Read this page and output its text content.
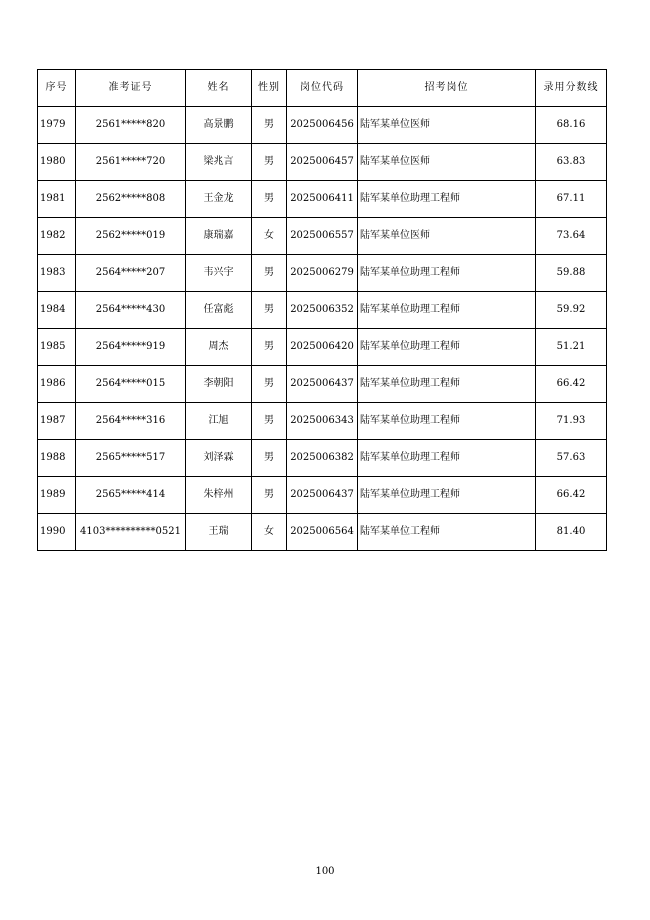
序号	准考证号	姓名	性别	岗位代码	招考岗位	录用分数线
1979	2561*****820	高景鹏	男	2025006456	陆军某单位医师	68.16
1980	2561*****720	梁兆言	男	2025006457	陆军某单位医师	63.83
1981	2562*****808	王金龙	男	2025006411	陆军某单位助理工程师	67.11
1982	2562*****019	康瑞嘉	女	2025006557	陆军某单位医师	73.64
1983	2564*****207	韦兴宇	男	2025006279	陆军某单位助理工程师	59.88
1984	2564*****430	任富彪	男	2025006352	陆军某单位助理工程师	59.92
1985	2564*****919	周杰	男	2025006420	陆军某单位助理工程师	51.21
1986	2564*****015	李朝阳	男	2025006437	陆军某单位助理工程师	66.42
1987	2564*****316	江旭	男	2025006343	陆军某单位助理工程师	71.93
1988	2565*****517	刘泽霖	男	2025006382	陆军某单位助理工程师	57.63
1989	2565*****414	朱梓州	男	2025006437	陆军某单位助理工程师	66.42
1990	4103**********0521	王瑞	女	2025006564	陆军某单位工程师	81.40
100
